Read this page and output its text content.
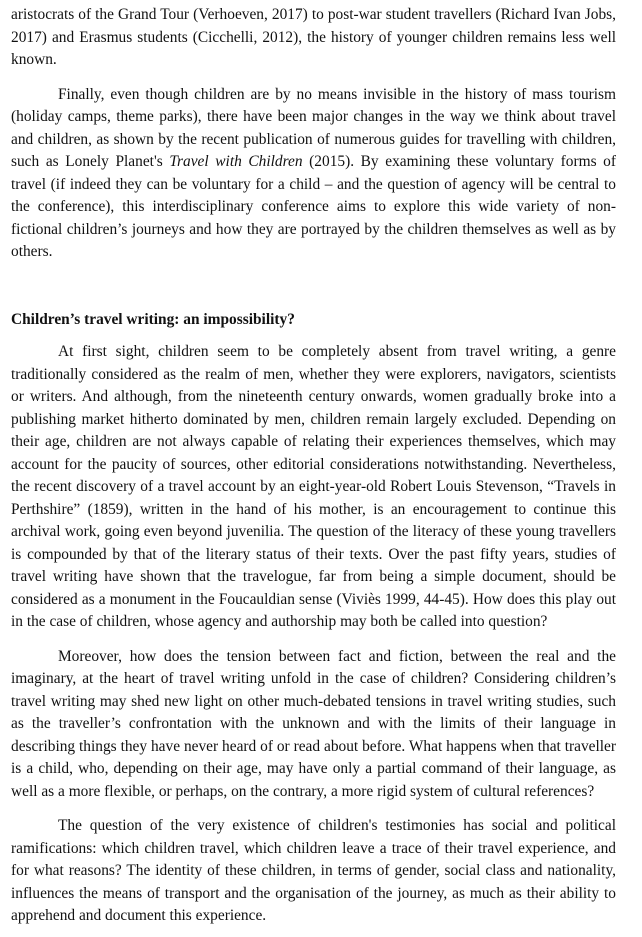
aristocrats of the Grand Tour (Verhoeven, 2017) to post-war student travellers (Richard Ivan Jobs, 2017) and Erasmus students (Cicchelli, 2012), the history of younger children remains less well known.

Finally, even though children are by no means invisible in the history of mass tourism (holiday camps, theme parks), there have been major changes in the way we think about travel and children, as shown by the recent publication of numerous guides for travelling with children, such as Lonely Planet's Travel with Children (2015). By examining these voluntary forms of travel (if indeed they can be voluntary for a child – and the question of agency will be central to the conference), this interdisciplinary conference aims to explore this wide variety of non-fictional children’s journeys and how they are portrayed by the children themselves as well as by others.

Children’s travel writing: an impossibility?

At first sight, children seem to be completely absent from travel writing, a genre traditionally considered as the realm of men, whether they were explorers, navigators, scientists or writers. And although, from the nineteenth century onwards, women gradually broke into a publishing market hitherto dominated by men, children remain largely excluded. Depending on their age, children are not always capable of relating their experiences themselves, which may account for the paucity of sources, other editorial considerations notwithstanding. Nevertheless, the recent discovery of a travel account by an eight-year-old Robert Louis Stevenson, “Travels in Perthshire” (1859), written in the hand of his mother, is an encouragement to continue this archival work, going even beyond juvenilia. The question of the literacy of these young travellers is compounded by that of the literary status of their texts. Over the past fifty years, studies of travel writing have shown that the travelogue, far from being a simple document, should be considered as a monument in the Foucauldian sense (Viviès 1999, 44-45). How does this play out in the case of children, whose agency and authorship may both be called into question?

Moreover, how does the tension between fact and fiction, between the real and the imaginary, at the heart of travel writing unfold in the case of children? Considering children’s travel writing may shed new light on other much-debated tensions in travel writing studies, such as the traveller’s confrontation with the unknown and with the limits of their language in describing things they have never heard of or read about before. What happens when that traveller is a child, who, depending on their age, may have only a partial command of their language, as well as a more flexible, or perhaps, on the contrary, a more rigid system of cultural references?

The question of the very existence of children's testimonies has social and political ramifications: which children travel, which children leave a trace of their travel experience, and for what reasons? The identity of these children, in terms of gender, social class and nationality, influences the means of transport and the organisation of the journey, as much as their ability to apprehend and document this experience.
